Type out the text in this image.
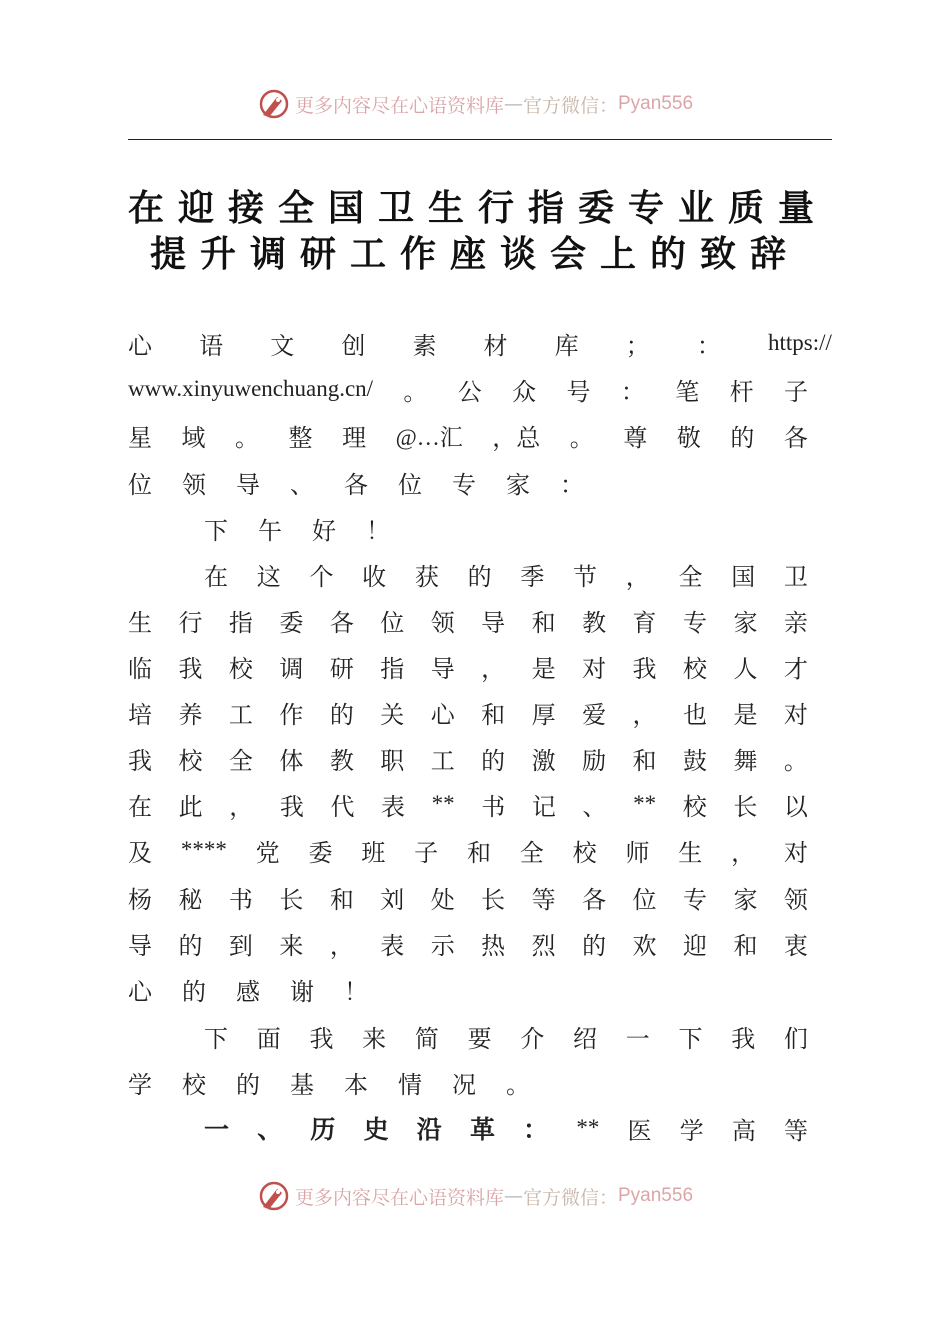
更多内容尽在心语资料库 — 官方微信： Pyan556
在迎接全国卫生行指委专业质量
提升调研工作座谈会上的致辞
心 语 文 创 素 材 库 ； ： https://
www.xinyuwenchuang.cn/ 。 公 众 号 ： 笔 杆 子
星 域 。 整 理 @…汇 ，总 。 尊 敬 的 各
位 领 导 、 各 位 专 家 ：
下 午 好 ！
在 这 个 收 获 的 季 节 ， 全 国 卫
生 行 指 委 各 位 领 导 和 教 育 专 家 亲
临 我 校 调 研 指 导 ， 是 对 我 校 人 才
培 养 工 作 的 关 心 和 厚 爱 ， 也 是 对
我 校 全 体 教 职 工 的 激 励 和 鼓 舞 。
在 此 ， 我 代 表 ** 书 记 、 ** 校 长 以
及 **** 党 委 班 子 和 全 校 师 生 ， 对
杨 秘 书 长 和 刘 处 长 等 各 位 专 家 领
导 的 到 来 ， 表 示 热 烈 的 欢 迎 和 衷
心 的 感 谢 ！
下 面 我 来 简 要 介 绍 一 下 我 们
学 校 的 基 本 情 况 。
一 、 历 史 沿 革 ： ** 医 学 高 等
更多内容尽在心语资料库 — 官方微信： Pyan556
